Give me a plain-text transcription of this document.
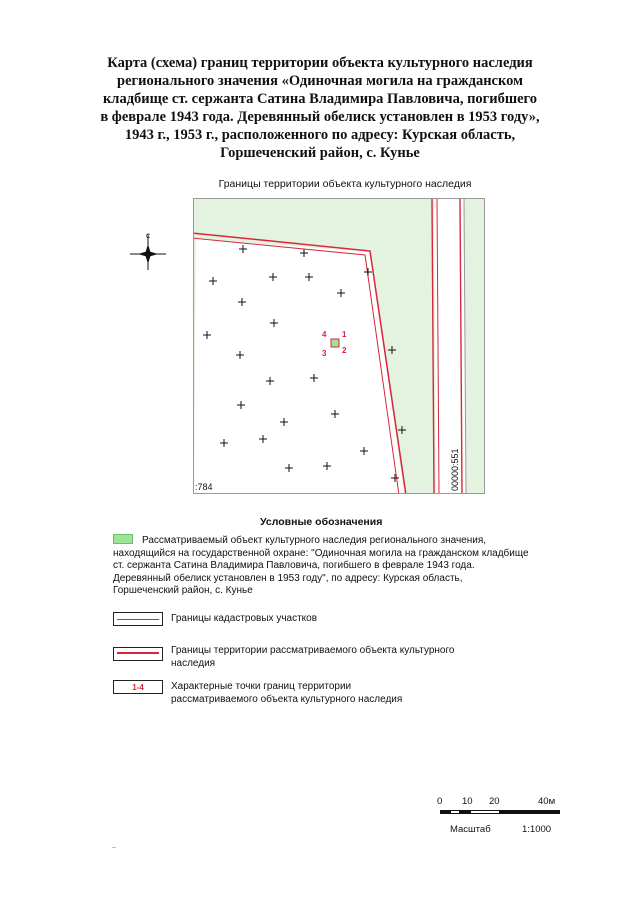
Карта (схема) границ территории объекта культурного наследия
регионального значения «Одиночная могила на гражданском
кладбище ст. сержанта Сатина Владимира Павловича, погибшего
в феврале 1943 года. Деревянный обелиск установлен в 1953 году»,
1943 г., 1953 г., расположенного по адресу: Курская область,
Горшеченский район, с. Кунье
Границы территории объекта культурного наследия
С
4 1
3 2
:784	00000:551
Условные обозначения
Рассматриваемый объект культурного наследия регионального значения,
находящийся на государственной охране: "Одиночная могила на гражданском кладбище
ст. сержанта Сатина Владимира Павловича, погибшего в феврале 1943 года.
Деревянный обелиск установлен в 1953 году", по адресу: Курская область,
Горшеченский район, с. Кунье
Границы кадастровых участков
Границы территории рассматриваемого объекта культурного
наследия
1-4	Характерные точки границ территории
рассматриваемого объекта культурного наследия
0 10 20	40м
Масштаб	1:1000
